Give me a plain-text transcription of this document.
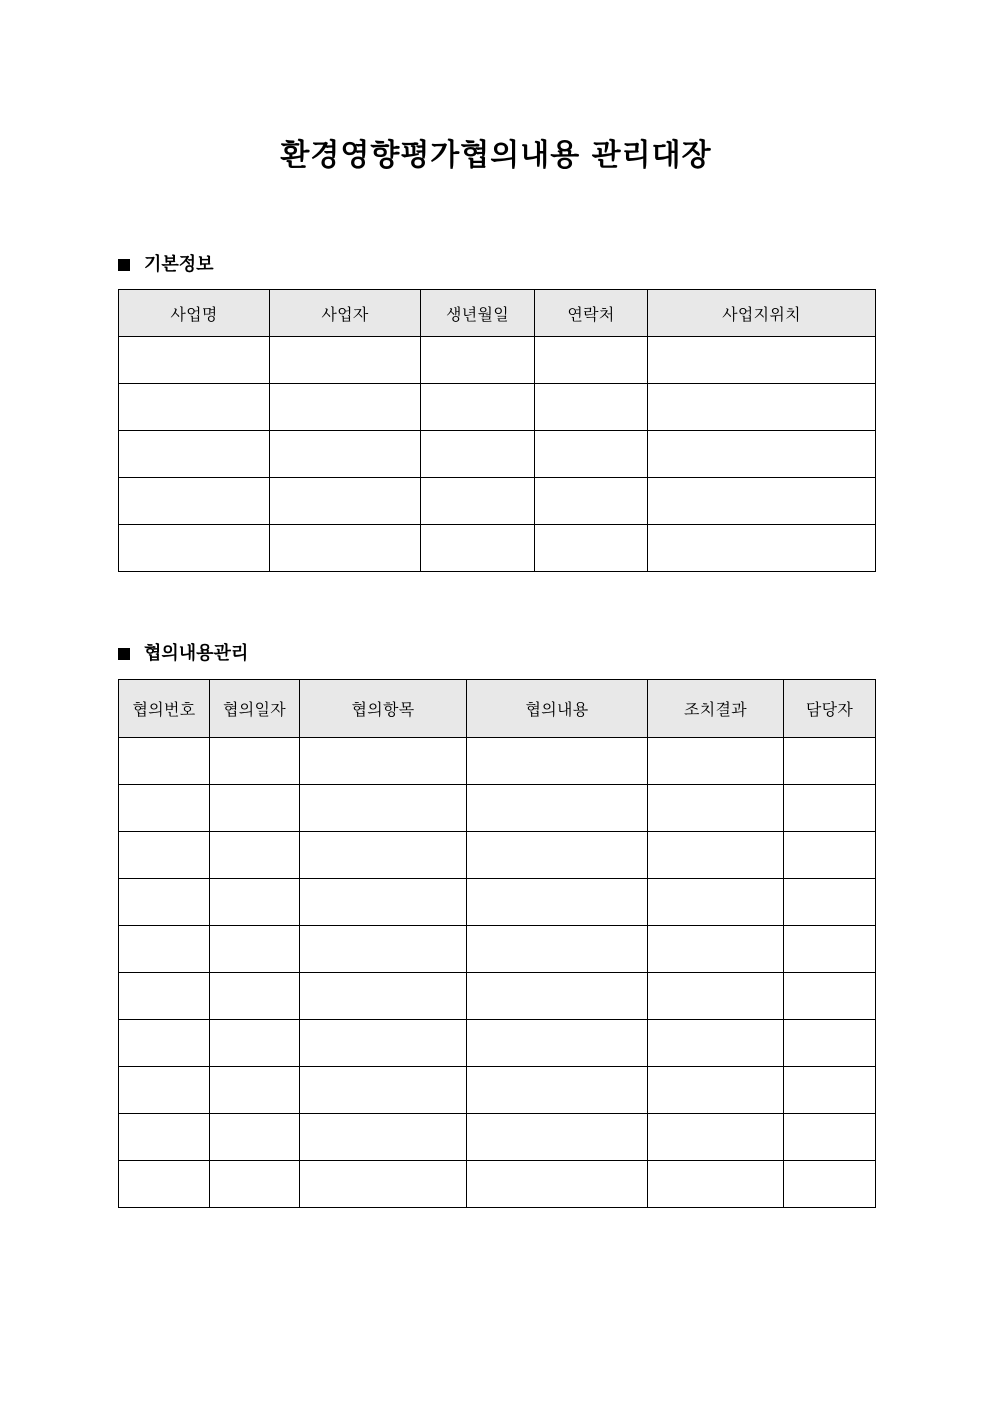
환경영향평가협의내용 관리대장
기본정보
사업명	사업자	생년월일	연락처	사업지위치

협의내용관리
협의번호	협의일자	협의항목	협의내용	조치결과	담당자
